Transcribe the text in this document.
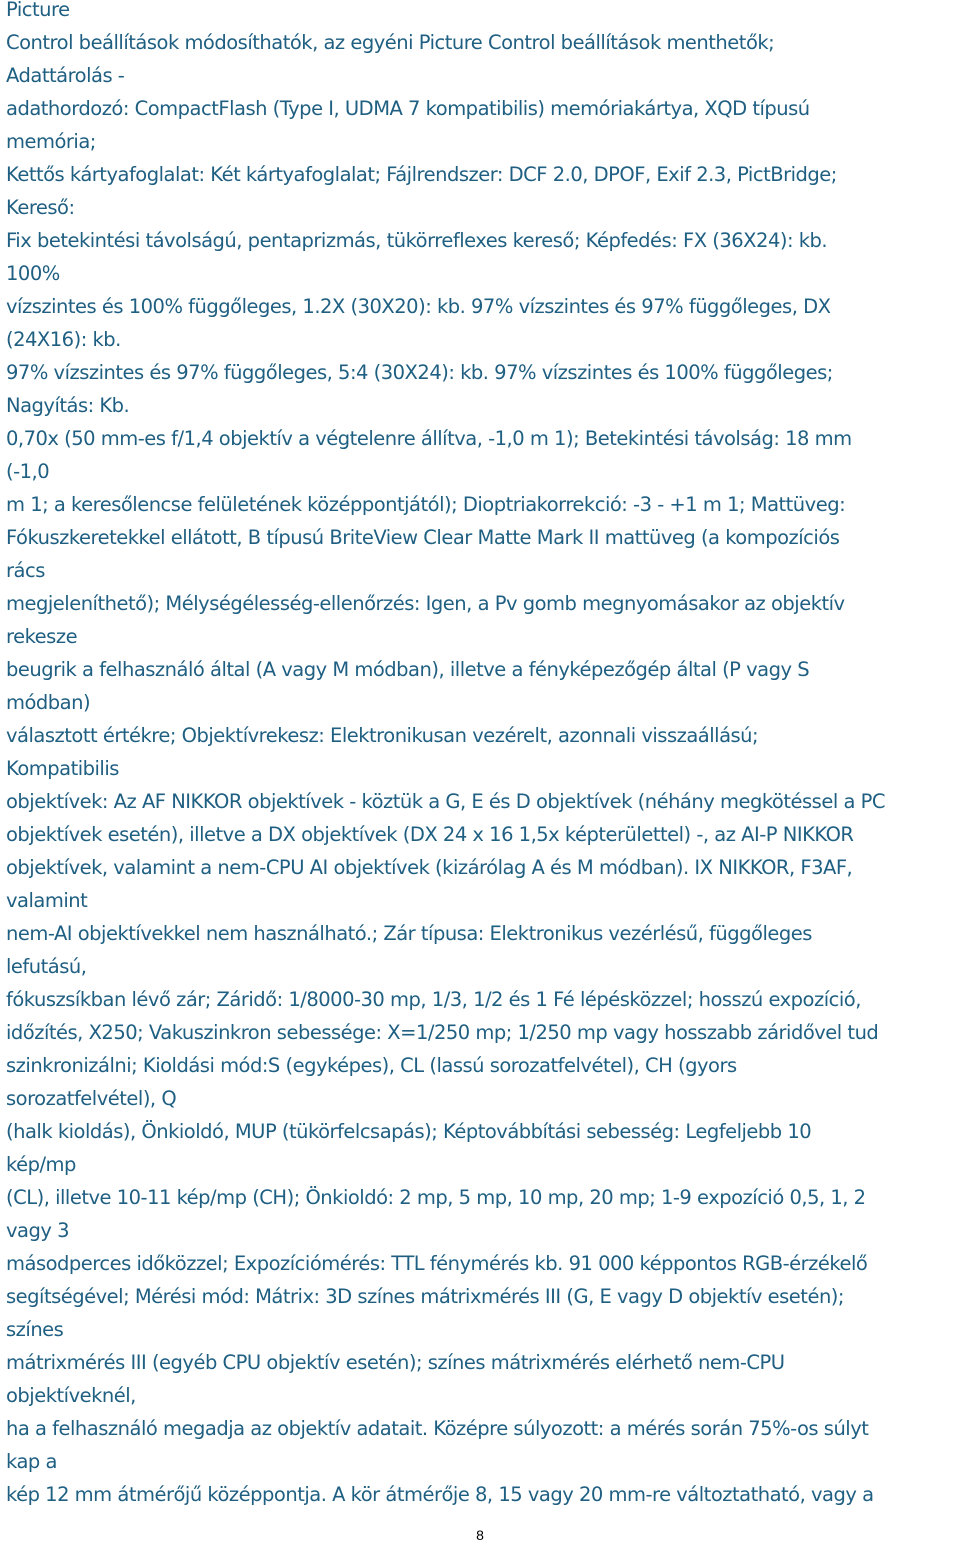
Picture
Control beállítások módosíthatók, az egyéni Picture Control beállítások menthetők;
Adattárolás -
adathordozó: CompactFlash (Type I, UDMA 7 kompatibilis) memóriakártya, XQD típusú
memória;
Kettős kártyafoglalat: Két kártyafoglalat; Fájlrendszer: DCF 2.0, DPOF, Exif 2.3, PictBridge;
Kereső:
Fix betekintési távolságú, pentaprizmás, tükörreflexes kereső; Képfedés: FX (36X24): kb.
100%
vízszintes és 100% függőleges, 1.2X (30X20): kb. 97% vízszintes és 97% függőleges, DX
(24X16): kb.
97% vízszintes és 97% függőleges, 5:4 (30X24): kb. 97% vízszintes és 100% függőleges;
Nagyítás: Kb.
0,70x (50 mm-es f/1,4 objektív a végtelenre állítva, -1,0 m 1); Betekintési távolság: 18 mm
(-1,0
m 1; a keresőlencse felületének középpontjától); Dioptriakorrekció: -3 - +1 m 1; Mattüveg:
Fókuszkeretekkel ellátott, B típusú BriteView Clear Matte Mark II mattüveg (a kompozíciós
rács
megjeleníthető); Mélységélesség-ellenőrzés: Igen, a Pv gomb megnyomásakor az objektív
rekesze
beugrik a felhasználó által (A vagy M módban), illetve a fényképezőgép által (P vagy S
módban)
választott értékre; Objektívrekesz: Elektronikusan vezérelt, azonnali visszaállású;
Kompatibilis
objektívek: Az AF NIKKOR objektívek - köztük a G, E és D objektívek (néhány megkötéssel a PC
objektívek esetén), illetve a DX objektívek (DX 24 x 16 1,5x képterülettel) -, az AI-P NIKKOR
objektívek, valamint a nem-CPU AI objektívek (kizárólag A és M módban). IX NIKKOR, F3AF,
valamint
nem-AI objektívekkel nem használható.; Zár típusa: Elektronikus vezérlésű, függőleges
lefutású,
fókuszsíkban lévő zár; Záridő: 1/8000-30 mp, 1/3, 1/2 és 1 Fé lépésközzel; hosszú expozíció,
időzítés, X250; Vakuszinkron sebessége: X=1/250 mp; 1/250 mp vagy hosszabb záridővel tud
szinkronizálni; Kioldási mód:S (egyképes), CL (lassú sorozatfelvétel), CH (gyors
sorozatfelvétel), Q
(halk kioldás), Önkioldó, MUP (tükörfelcsapás); Képtovábbítási sebesség: Legfeljebb 10
kép/mp
(CL), illetve 10-11 kép/mp (CH); Önkioldó: 2 mp, 5 mp, 10 mp, 20 mp; 1-9 expozíció 0,5, 1, 2
vagy 3
másodperces időközzel; Expozíciómérés: TTL fénymérés kb. 91 000 képpontos RGB-érzékelő
segítségével; Mérési mód: Mátrix: 3D színes mátrixmérés III (G, E vagy D objektív esetén);
színes
mátrixmérés III (egyéb CPU objektív esetén); színes mátrixmérés elérhető nem-CPU
objektíveknél,
ha a felhasználó megadja az objektív adatait. Középre súlyozott: a mérés során 75%-os súlyt
kap a
kép 12 mm átmérőjű középpontja. A kör átmérője 8, 15 vagy 20 mm-re változtatható, vagy a
8
